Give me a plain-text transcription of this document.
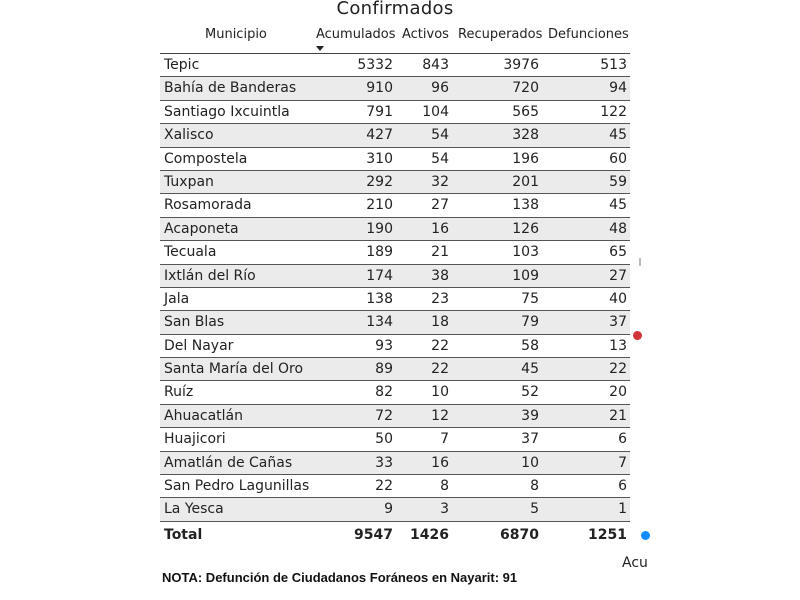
Confirmados
Municipio	Acumulados Activos Recuperados Defunciones
Tepic	5332 843	3976	513
Bahía de Banderas	910	96	720	94
Santiago Ixcuintla	791 104	565	122
Xalisco	427	54	328	45
Compostela	310	54	196	60
Tuxpan	292	32	201	59
Rosamorada	210	27	138	45
Acaponeta	190	16	126	48
Tecuala	189	21	103	65
Ixtlán del Río	174	38	109	27
Jala	138	23	75	40
San Blas	134	18	79	37
Del Nayar	93	22	58	13
Santa María del Oro	89	22	45	22
Ruíz	82	10	52	20
Ahuacatlán	72	12	39	21
Huajicori	50	7	37	6
Amatlán de Cañas	33	16	10	7
San Pedro Lagunillas	22	8	8	6
La Yesca	9	3	5	1
Total	9547 1426	6870	1251
NOTA: Defunción de Ciudadanos Foráneos en Nayarit: 91
Acu
